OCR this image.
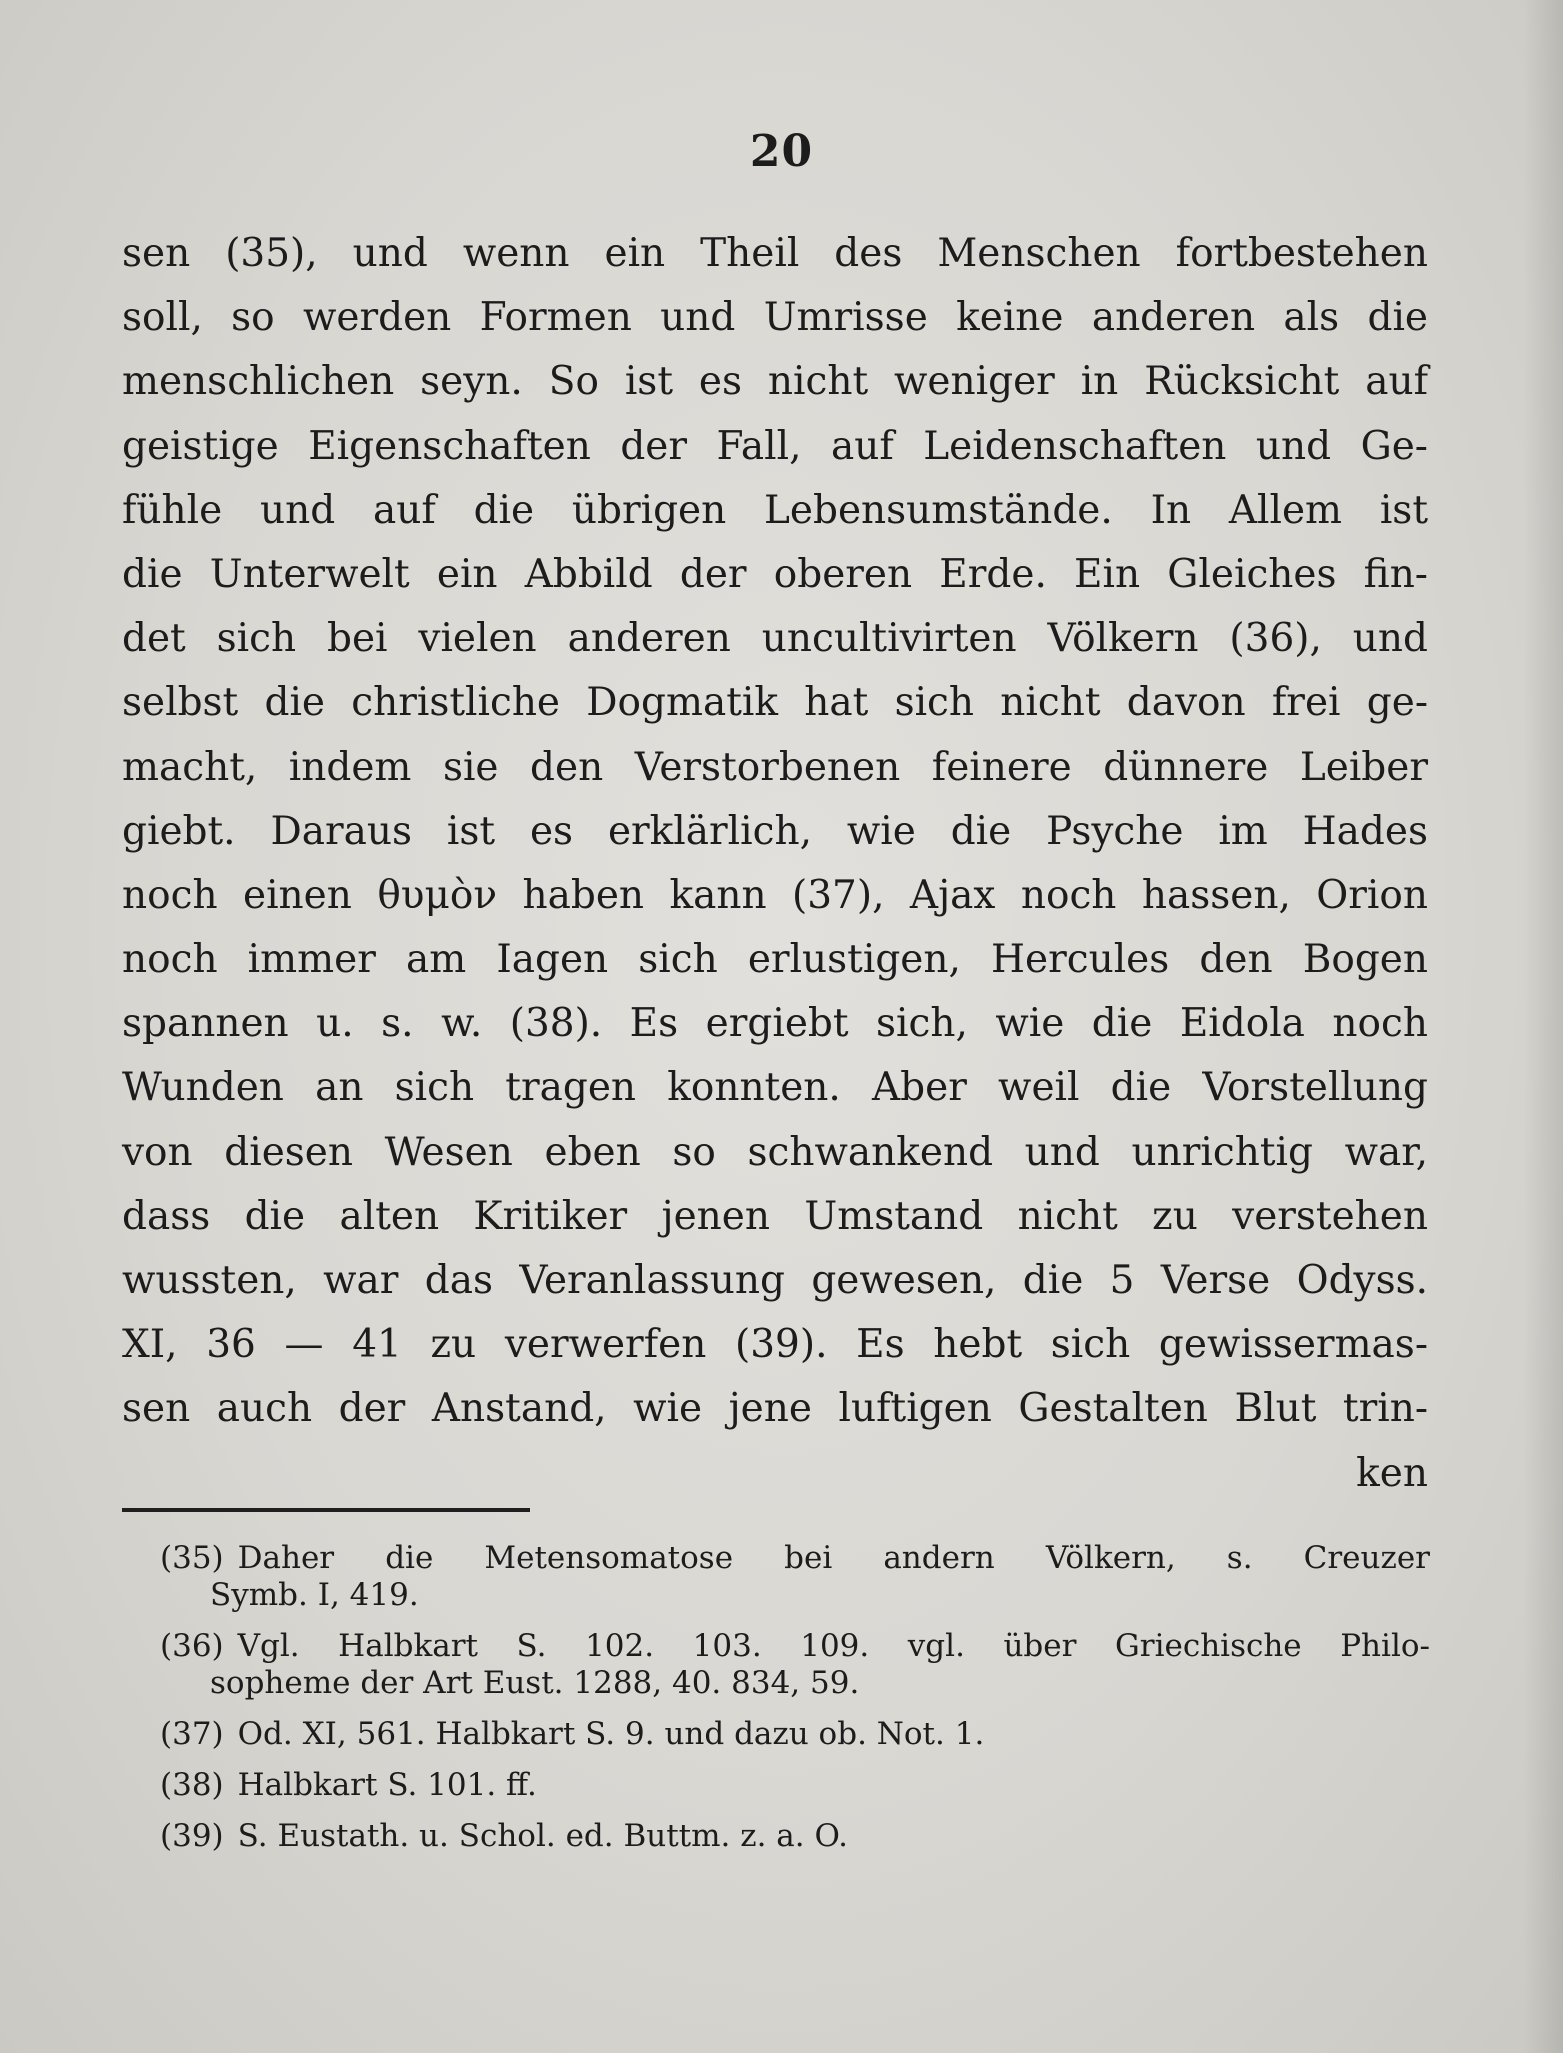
20
sen (35), und wenn ein Theil des Menschen fortbestehen
soll, so werden Formen und Umrisse keine anderen als die
menschlichen seyn. So ist es nicht weniger in Rücksicht auf
geistige Eigenschaften der Fall, auf Leidenschaften und Ge-
fühle und auf die übrigen Lebensumstände. In Allem ist
die Unterwelt ein Abbild der oberen Erde. Ein Gleiches fin-
det sich bei vielen anderen uncultivirten Völkern (36), und
selbst die christliche Dogmatik hat sich nicht davon frei ge-
macht, indem sie den Verstorbenen feinere dünnere Leiber
giebt. Daraus ist es erklärlich, wie die Psyche im Hades
noch einen θυμὸν haben kann (37), Ajax noch hassen, Orion
noch immer am Iagen sich erlustigen, Hercules den Bogen
spannen u. s. w. (38). Es ergiebt sich, wie die Eidola noch
Wunden an sich tragen konnten. Aber weil die Vorstellung
von diesen Wesen eben so schwankend und unrichtig war,
dass die alten Kritiker jenen Umstand nicht zu verstehen
wussten, war das Veranlassung gewesen, die 5 Verse Odyss.
XI, 36 — 41 zu verwerfen (39). Es hebt sich gewissermas-
sen auch der Anstand, wie jene luftigen Gestalten Blut trin-
ken
(35) Daher die Metensomatose bei andern Völkern, s. Creuzer
Symb. I, 419.
(36) Vgl. Halbkart S. 102. 103. 109. vgl. über Griechische Philo-
sopheme der Art Eust. 1288, 40. 834, 59.
(37) Od. XI, 561. Halbkart S. 9. und dazu ob. Not. 1.
(38) Halbkart S. 101. ff.
(39) S. Eustath. u. Schol. ed. Buttm. z. a. O.
